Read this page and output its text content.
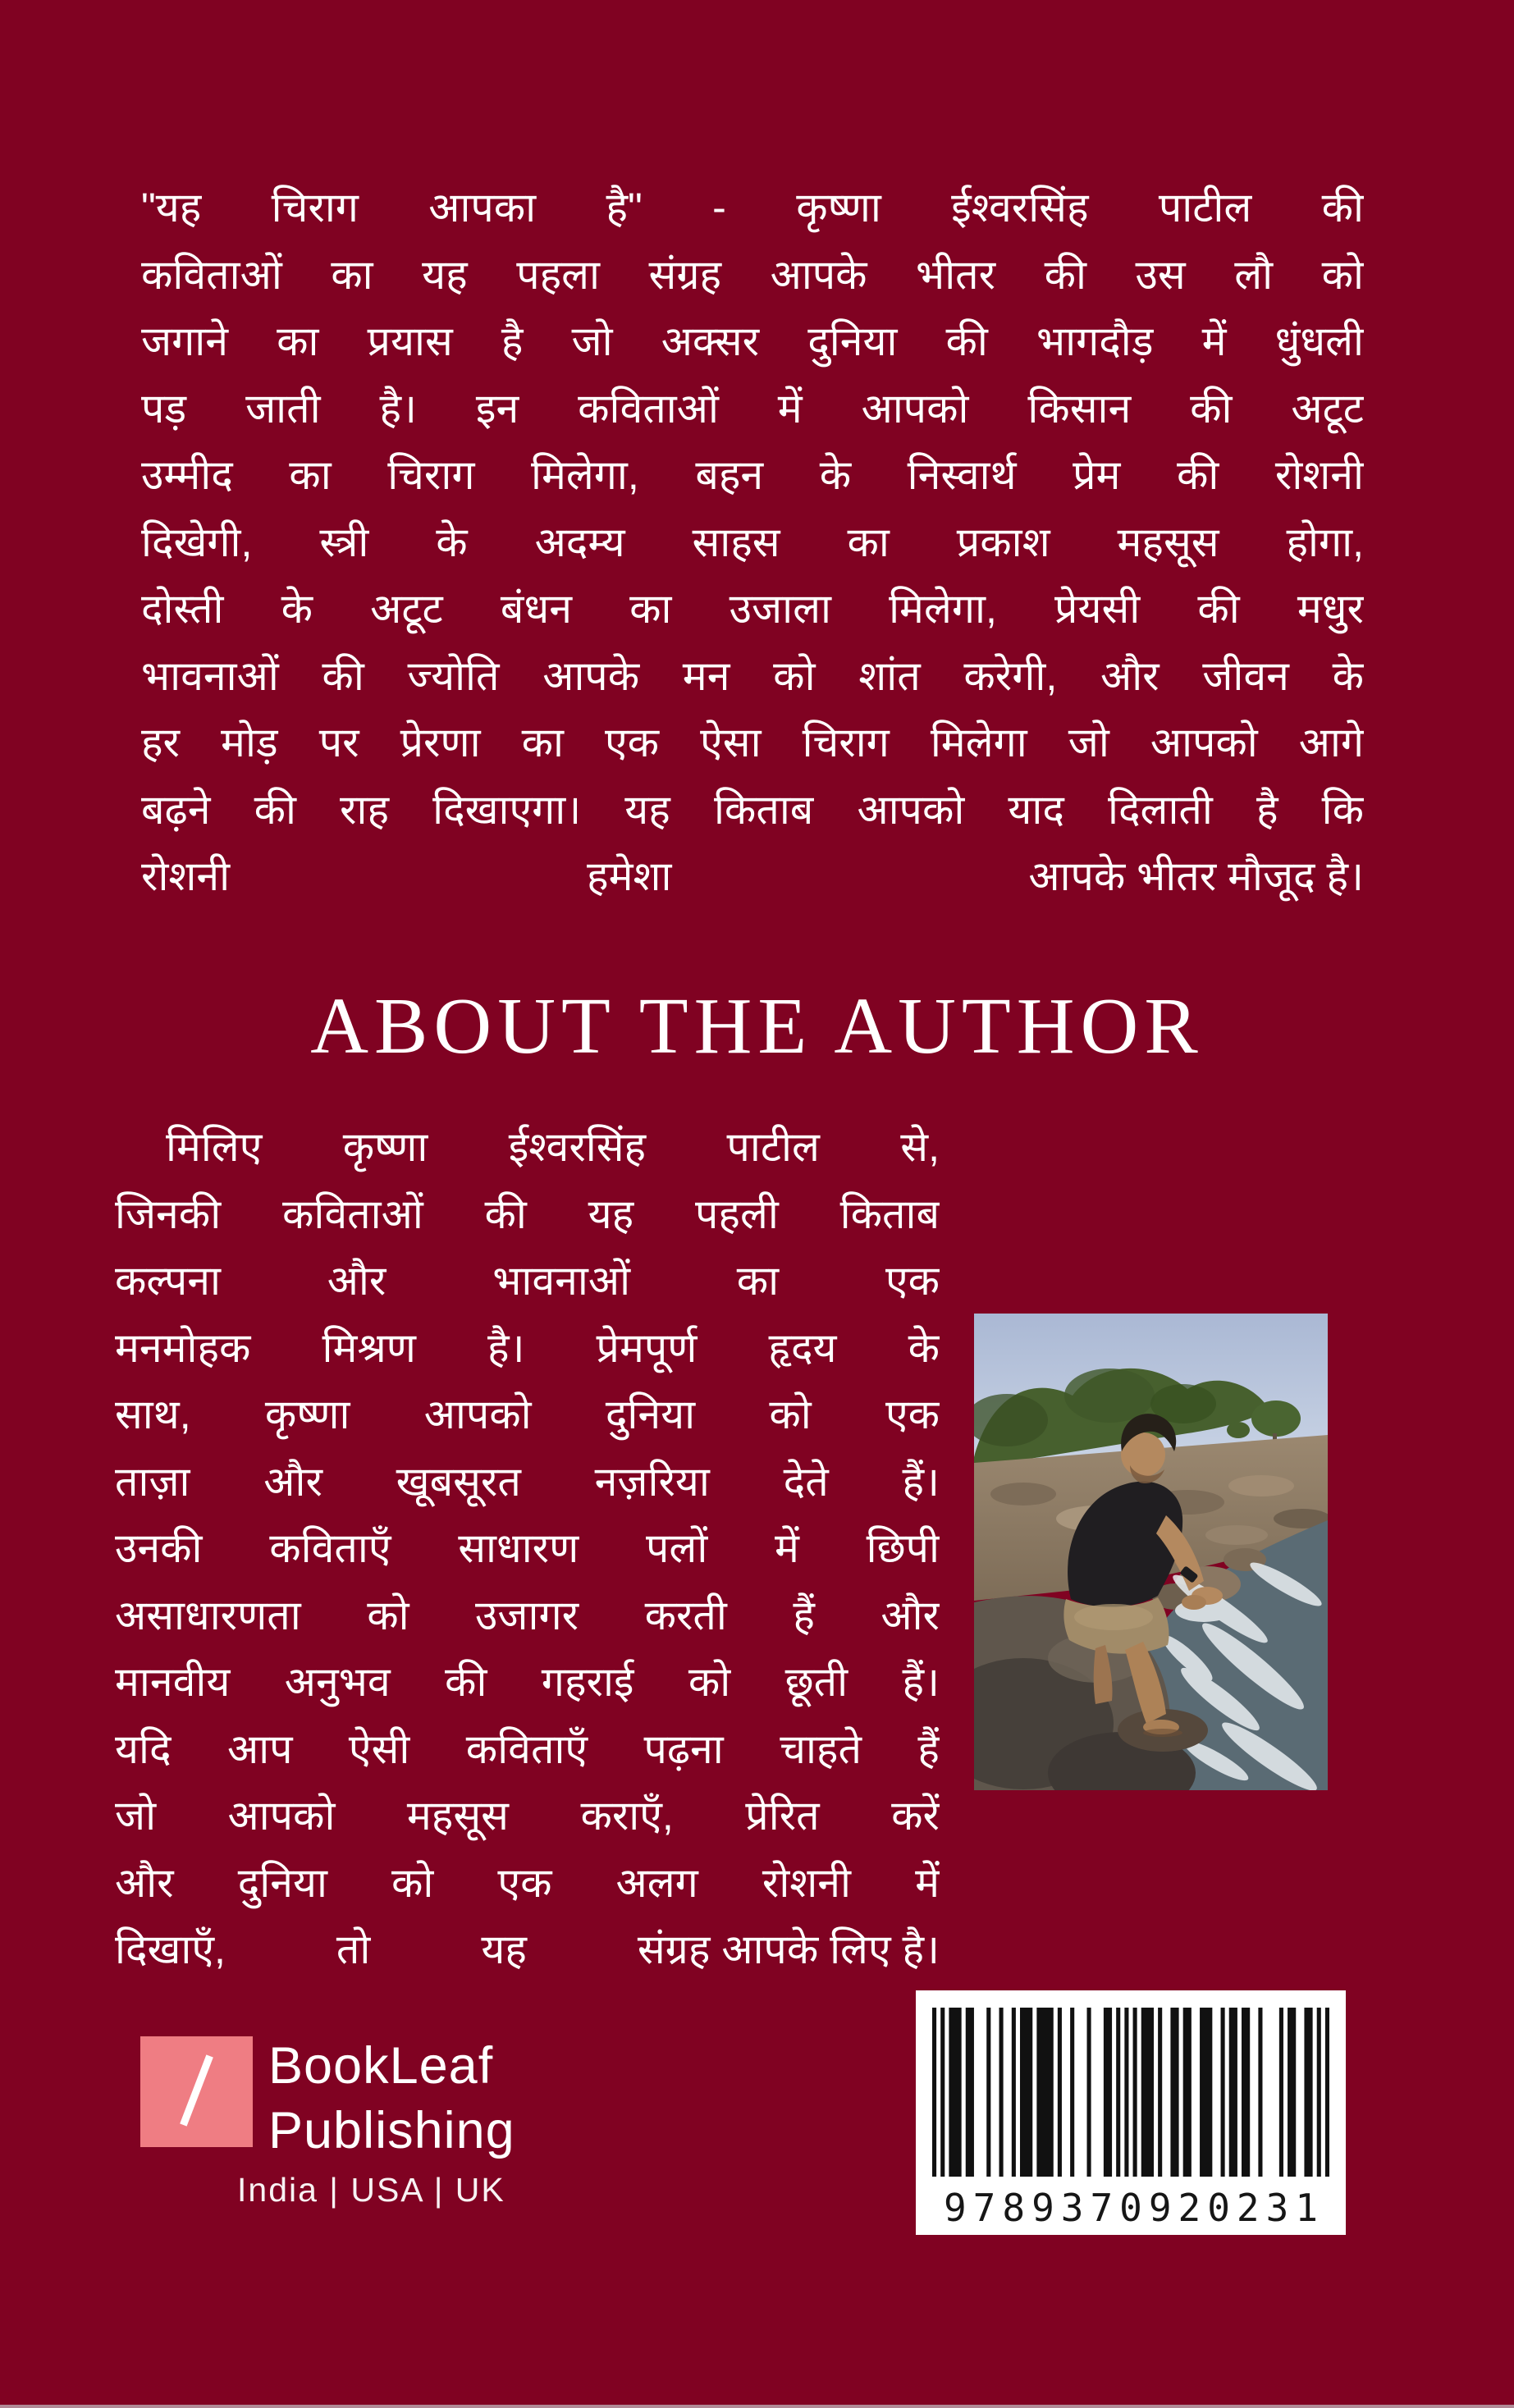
"यह चिराग आपका है" - कृष्णा ईश्वरसिंह पाटील की
कविताओं का यह पहला संग्रह आपके भीतर की उस लौ को
जगाने का प्रयास है जो अक्सर दुनिया की भागदौड़ में धुंधली
पड़ जाती है। इन कविताओं में आपको किसान की अटूट
उम्मीद का चिराग मिलेगा, बहन के निस्वार्थ प्रेम की रोशनी
दिखेगी, स्त्री के अदम्य साहस का प्रकाश महसूस होगा,
दोस्ती के अटूट बंधन का उजाला मिलेगा, प्रेयसी की मधुर
भावनाओं की ज्योति आपके मन को शांत करेगी, और जीवन के
हर मोड़ पर प्रेरणा का एक ऐसा चिराग मिलेगा जो आपको आगे
बढ़ने की राह दिखाएगा। यह किताब आपको याद दिलाती है कि
रोशनी	हमेशा	आपके भीतर मौजूद है।
ABOUT THE AUTHOR
मिलिए कृष्णा ईश्वरसिंह पाटील से,
जिनकी कविताओं की यह पहली किताब
कल्पना और भावनाओं का एक
मनमोहक मिश्रण है। प्रेमपूर्ण हृदय के
साथ, कृष्णा आपको दुनिया को एक
ताज़ा और खूबसूरत नज़रिया देते हैं।
उनकी कविताएँ साधारण पलों में छिपी
असाधारणता को उजागर करती हैं और
मानवीय अनुभव की गहराई को छूती हैं।
यदि आप ऐसी कविताएँ पढ़ना चाहते हैं
जो आपको महसूस कराएँ, प्रेरित करें
और दुनिया को एक अलग रोशनी में
दिखाएँ,	तो	यह	संग्रह आपके लिए है।
BookLeaf
Publishing
India | USA | UK	9789370920231
